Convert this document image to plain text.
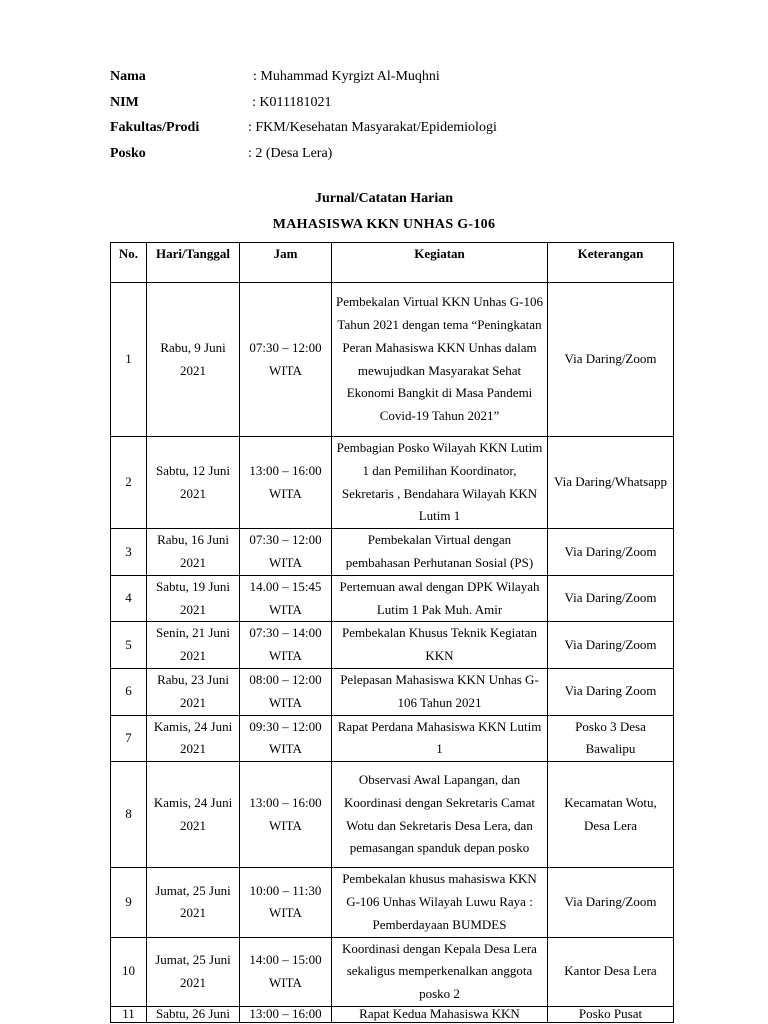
Nama	: Muhammad Kyrgizt Al-Muqhni
NIM	: K011181021
Fakultas/Prodi	: FKM/Kesehatan Masyarakat/Epidemiologi
Posko	: 2 (Desa Lera)
Jurnal/Catatan Harian
MAHASISWA KKN UNHAS G-106
No.	Hari/Tanggal	Jam	Kegiatan	Keterangan
1	Rabu, 9 Juni 2021	07:30 – 12:00 WITA	Pembekalan Virtual KKN Unhas G-106 Tahun 2021 dengan tema “Peningkatan Peran Mahasiswa KKN Unhas dalam mewujudkan Masyarakat Sehat Ekonomi Bangkit di Masa Pandemi Covid-19 Tahun 2021”	Via Daring/Zoom
2	Sabtu, 12 Juni 2021	13:00 – 16:00 WITA	Pembagian Posko Wilayah KKN Lutim 1 dan Pemilihan Koordinator, Sekretaris , Bendahara Wilayah KKN Lutim 1	Via Daring/Whatsapp
3	Rabu, 16 Juni 2021	07:30 – 12:00 WITA	Pembekalan Virtual dengan pembahasan Perhutanan Sosial (PS)	Via Daring/Zoom
4	Sabtu, 19 Juni 2021	14.00 – 15:45 WITA	Pertemuan awal dengan DPK Wilayah Lutim 1 Pak Muh. Amir	Via Daring/Zoom
5	Senin, 21 Juni 2021	07:30 – 14:00 WITA	Pembekalan Khusus Teknik Kegiatan KKN	Via Daring/Zoom
6	Rabu, 23 Juni 2021	08:00 – 12:00 WITA	Pelepasan Mahasiswa KKN Unhas G-106 Tahun 2021	Via Daring Zoom
7	Kamis, 24 Juni 2021	09:30 – 12:00 WITA	Rapat Perdana Mahasiswa KKN Lutim 1	Posko 3 Desa Bawalipu
8	Kamis, 24 Juni 2021	13:00 – 16:00 WITA	Observasi Awal Lapangan, dan Koordinasi dengan Sekretaris Camat Wotu dan Sekretaris Desa Lera, dan pemasangan spanduk depan posko	Kecamatan Wotu, Desa Lera
9	Jumat, 25 Juni 2021	10:00 – 11:30 WITA	Pembekalan khusus mahasiswa KKN G-106 Unhas Wilayah Luwu Raya : Pemberdayaan BUMDES	Via Daring/Zoom
10	Jumat, 25 Juni 2021	14:00 – 15:00 WITA	Koordinasi dengan Kepala Desa Lera sekaligus memperkenalkan anggota posko 2	Kantor Desa Lera
11	Sabtu, 26 Juni	13:00 – 16:00	Rapat Kedua Mahasiswa KKN	Posko Pusat
